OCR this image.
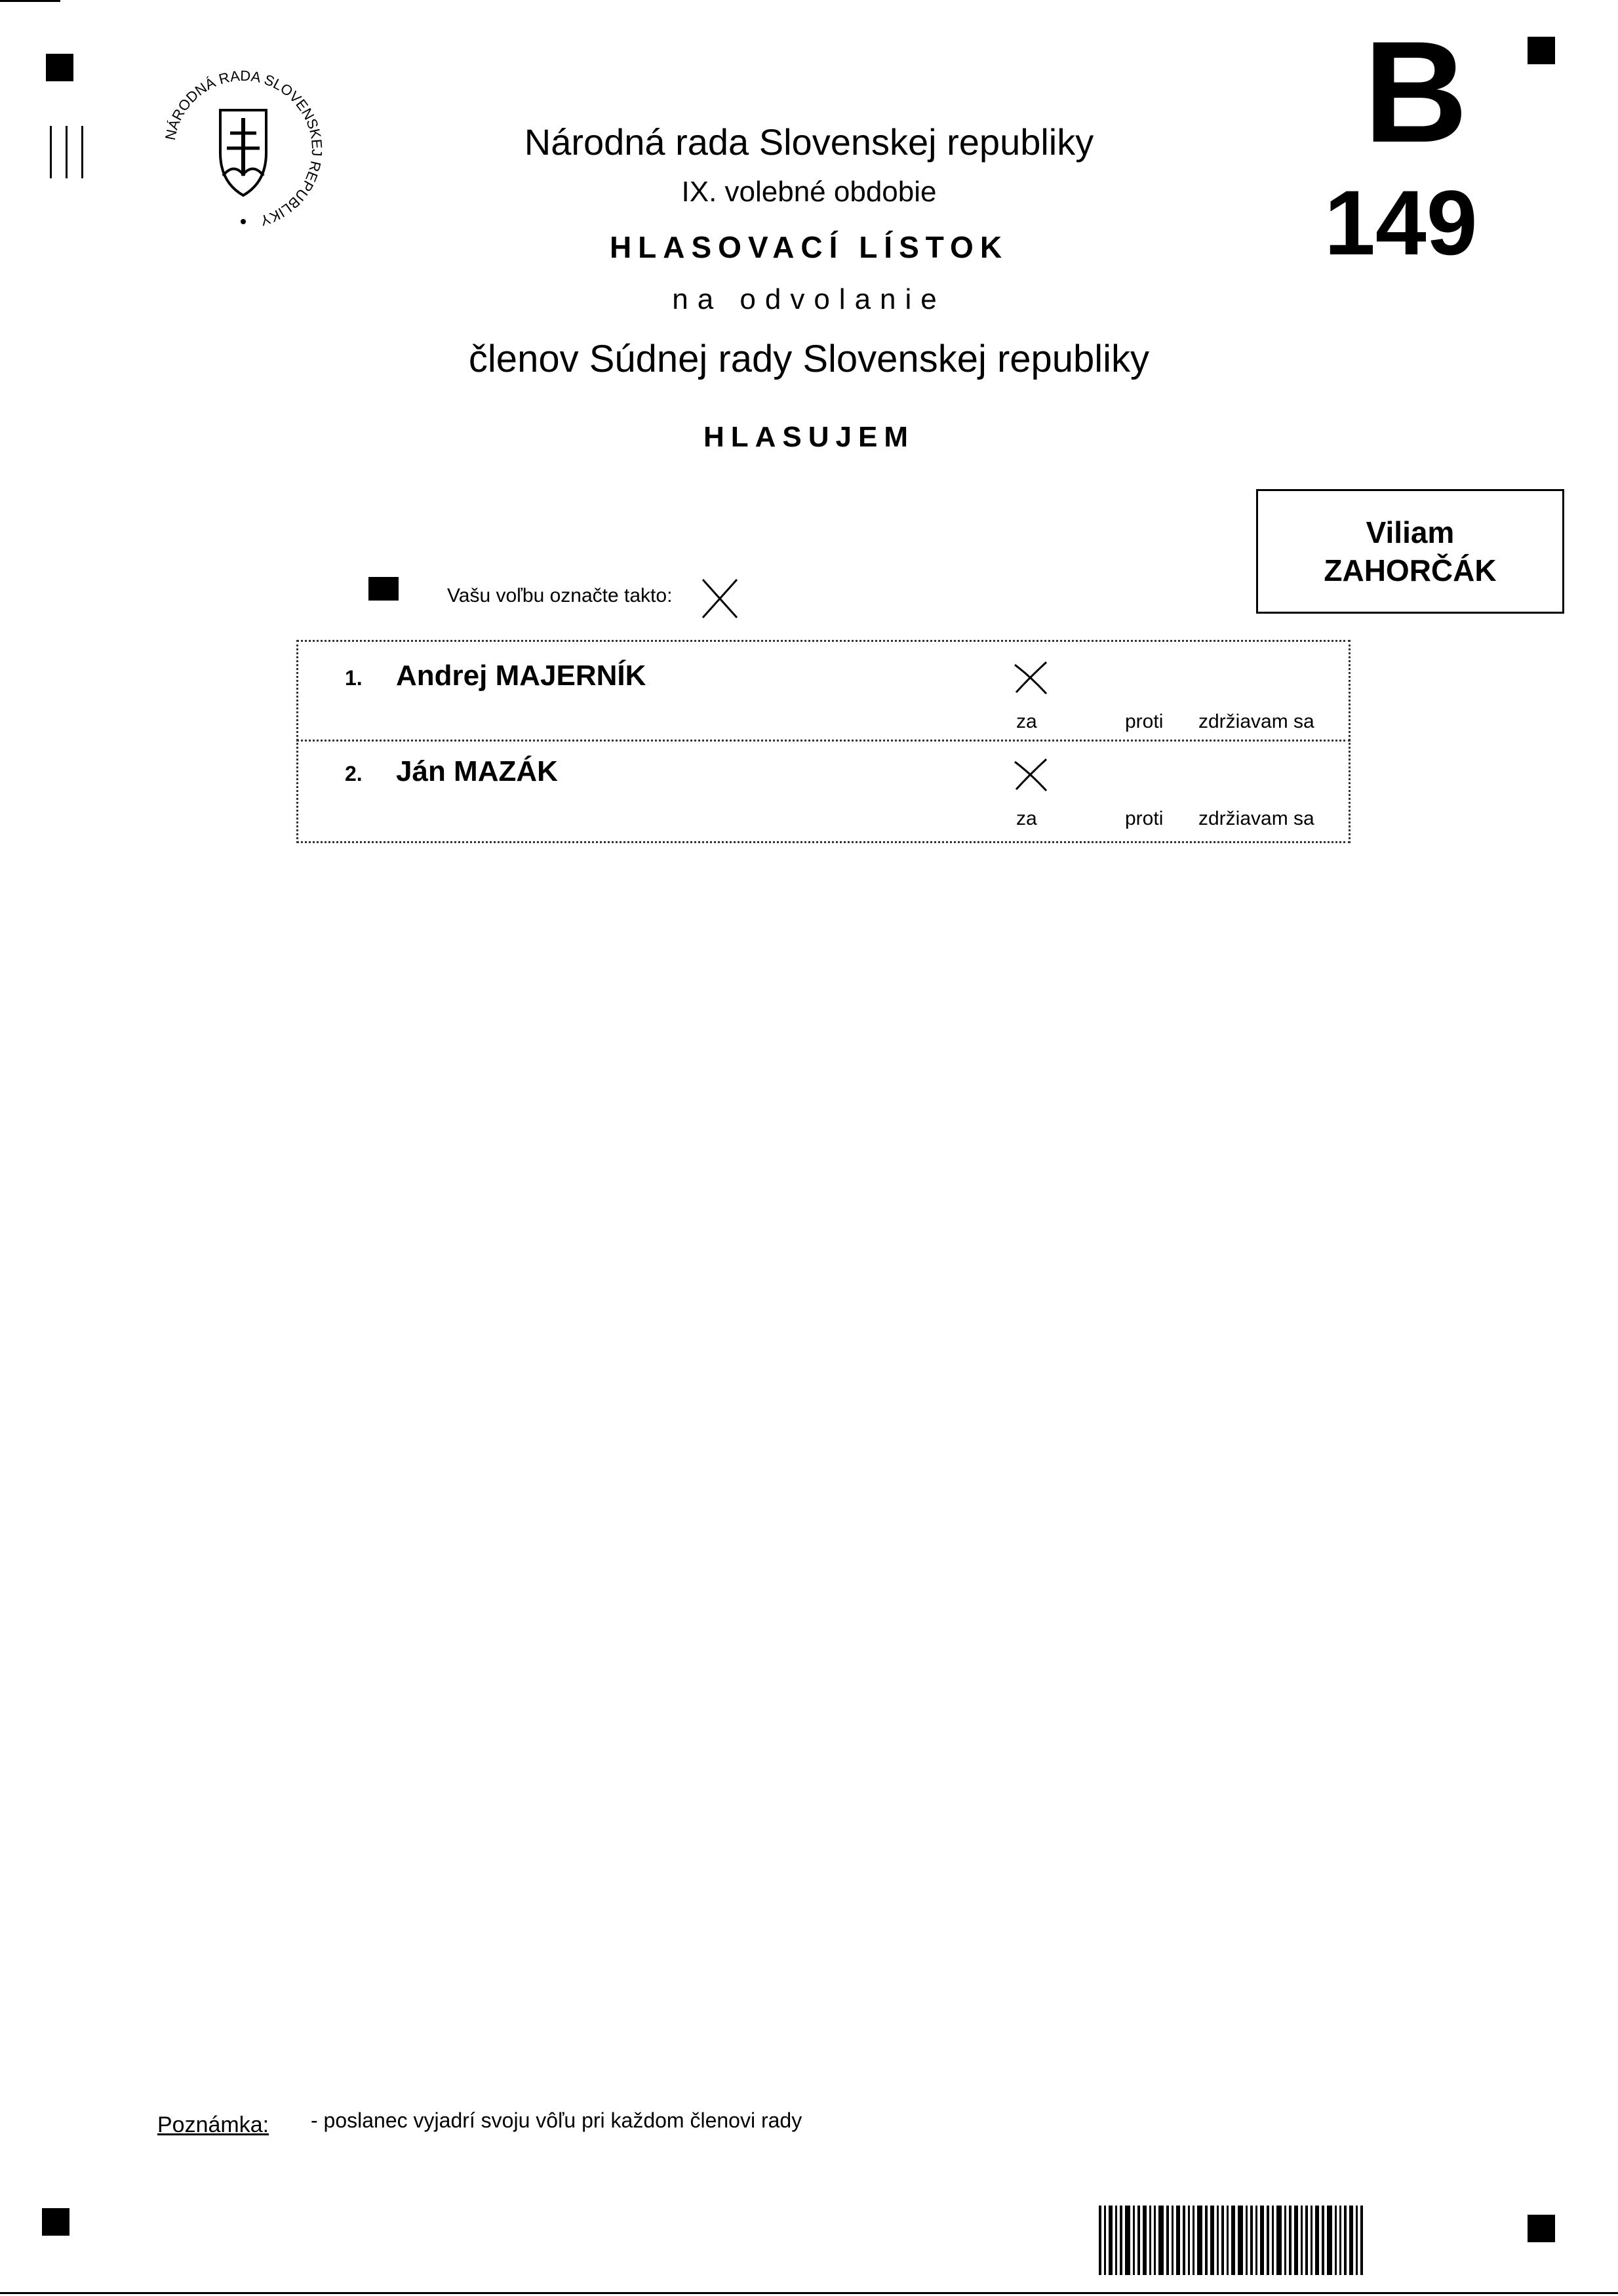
NÁRODNÁ RADA SLOVENSKEJ REPUBLIKY
Národná rada Slovenskej republiky
IX. volebné obdobie
HLASOVACÍ LÍSTOK
na odvolanie
členov Súdnej rady Slovenskej republiky
HLASUJEM
B
149
Viliam
ZAHORČÁK
Vašu voľbu označte takto:
1. Andrej MAJERNÍK
za	proti zdržiavam sa
2. Ján MAZÁK
za	proti zdržiavam sa
Poznámka: - poslanec vyjadrí svoju vôľu pri každom členovi rady
